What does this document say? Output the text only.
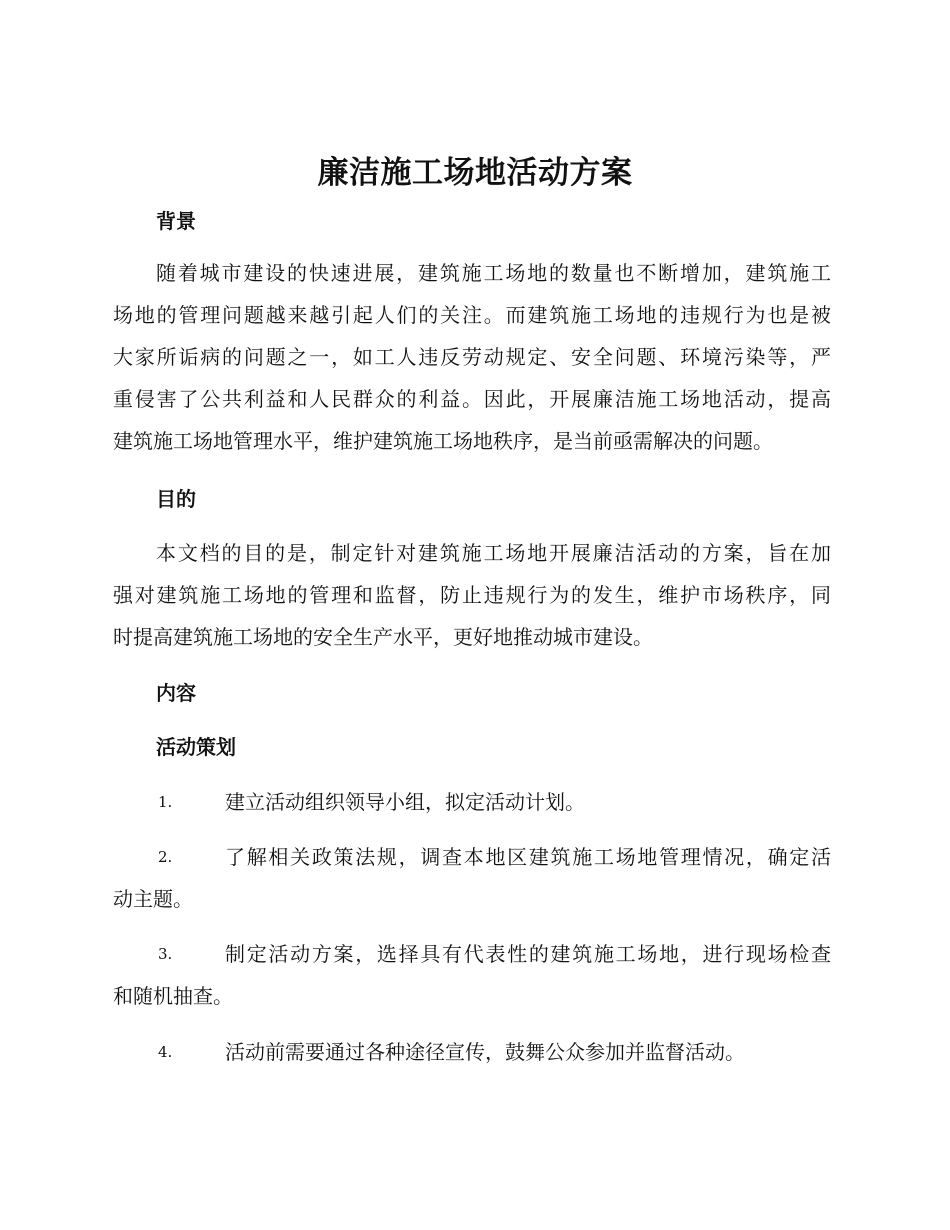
廉洁施工场地活动方案
背景
随着城市建设的快速进展，建筑施工场地的数量也不断增加，建筑施工
场地的管理问题越来越引起人们的关注。而建筑施工场地的违规行为也是被
大家所诟病的问题之一，如工人违反劳动规定、安全问题、环境污染等，严
重侵害了公共利益和人民群众的利益。因此，开展廉洁施工场地活动，提高
建筑施工场地管理水平，维护建筑施工场地秩序，是当前亟需解决的问题。
目的
本文档的目的是，制定针对建筑施工场地开展廉洁活动的方案，旨在加
强对建筑施工场地的管理和监督，防止违规行为的发生，维护市场秩序，同
时提高建筑施工场地的安全生产水平，更好地推动城市建设。
内容
活动策划
1.	建立活动组织领导小组，拟定活动计划。
2.	了解相关政策法规，调查本地区建筑施工场地管理情况，确定活
动主题。
3.	制定活动方案，选择具有代表性的建筑施工场地，进行现场检查
和随机抽查。
4.	活动前需要通过各种途径宣传，鼓舞公众参加并监督活动。
